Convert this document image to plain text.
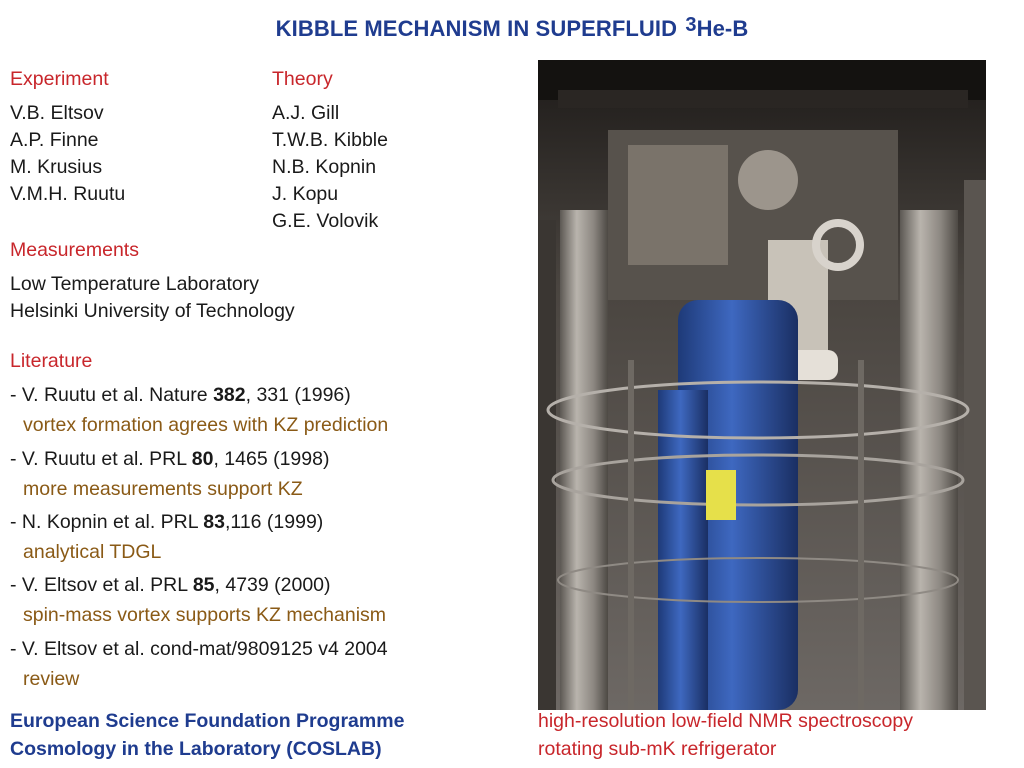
KIBBLE MECHANISM IN SUPERFLUID $^3$He-B
Experiment
V.B. Eltsov
A.P. Finne
M. Krusius
V.M.H. Ruutu
Theory
A.J. Gill
T.W.B. Kibble
N.B. Kopnin
J. Kopu
G.E. Volovik
Measurements
Low Temperature Laboratory
Helsinki University of Technology
Literature
- V. Ruutu et al. Nature 382, 331 (1996)
vortex formation agrees with KZ prediction
- V. Ruutu et al. PRL 80, 1465 (1998)
more measurements support KZ
- N. Kopnin et al. PRL 83,116 (1999)
analytical TDGL
- V. Eltsov et al. PRL 85, 4739 (2000)
spin-mass vortex supports KZ mechanism
- V. Eltsov et al. cond-mat/9809125 v4 2004
review
European Science Foundation Programme
Cosmology in the Laboratory (COSLAB)
high-resolution low-field NMR spectroscopy
rotating sub-mK refrigerator
